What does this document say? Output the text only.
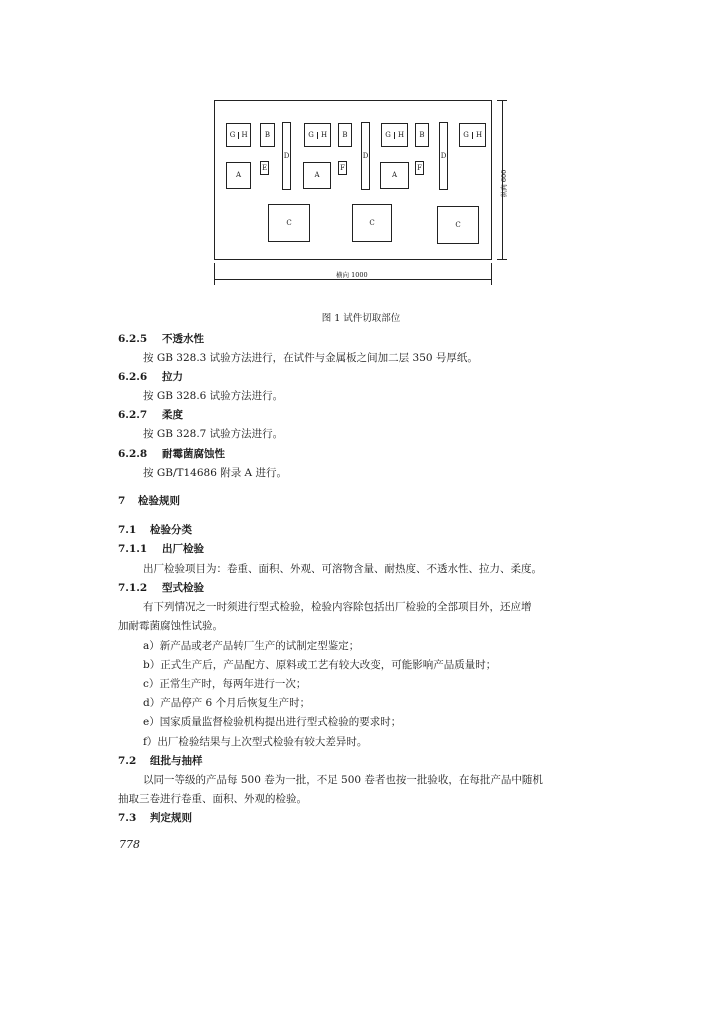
G H	B
D
A
E
C
G	H	B
D
A
F
C
G	H	B
D
A
F
C
G	H
纵向 600
横向 1000
图 1 试件切取部位
6.2.5 不透水性
按 GB 328.3 试验方法进行，在试件与金属板之间加二层 350 号厚纸。
6.2.6 拉力
按 GB 328.6 试验方法进行。
6.2.7 柔度
按 GB 328.7 试验方法进行。
6.2.8 耐霉菌腐蚀性
按 GB/T14686 附录 A 进行。
7 检验规则
7.1 检验分类
7.1.1 出厂检验
出厂检验项目为：卷重、面积、外观、可溶物含量、耐热度、不透水性、拉力、柔度。
7.1.2 型式检验
有下列情况之一时须进行型式检验，检验内容除包括出厂检验的全部项目外，还应增
加耐霉菌腐蚀性试验。
a）新产品或老产品转厂生产的试制定型鉴定；
b）正式生产后，产品配方、原料或工艺有较大改变，可能影响产品质量时；
c）正常生产时，每两年进行一次；
d）产品停产 6 个月后恢复生产时；
e）国家质量监督检验机构提出进行型式检验的要求时；
f）出厂检验结果与上次型式检验有较大差异时。
7.2 组批与抽样
以同一等级的产品每 500 卷为一批，不足 500 卷者也按一批验收，在每批产品中随机
抽取三卷进行卷重、面积、外观的检验。
7.3 判定规则
778
